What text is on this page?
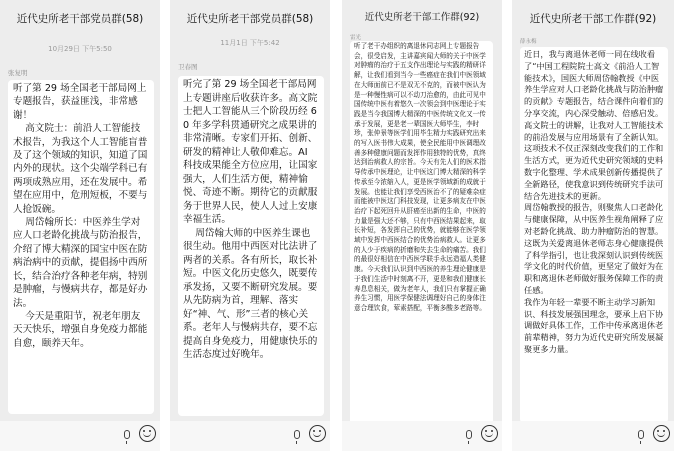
近代史所老干部党员群(58)
10月29日 下午5:50
张复明
听了第 29 场全国老干部局网上专题报告，获益匪浅，非常感谢！
高文院士：前沿人工智能技术报告，为我这个人工智能盲普及了这个领域的知识，知道了国内外的现状。这个尖端学科已有两项成熟应用，还在发展中。希望在应用中，危刑短板，不要与人抢饭碗。
周岱翰所长：中医养生学对应人口老龄化挑战与防治报告，介绍了博大精深的国宝中医在防病治病中的贡献，提倡扬中西所长，结合治疗各种老年病，特别是肿瘤，与慢病共存，都是好办法。
今天是重阳节，祝老年朋友天天快乐，增强自身免疫力都能自愈，颐养天年。
近代史所老干部党员群(58)
11月1日 下午5:42
卫春图
听完了第 29 场全国老干部局网上专题讲座后收获许多。高文院士把人工智能从三个阶段历经 60 年多学科贯通研究之成果讲的非常清晰。专家们开拓、创新、研发的精神让人敬仰难忘。AI 科技成果能全方位应用，让国家强大，人们生活方便，精神愉悦、奇迹不断。期待它的贡献服务于世界人民，使人人过上安康幸福生活。
周岱翰大师的中医养生课也很生动。他用中西医对比法讲了两者的关系。各有所长，取长补短。中医文化历史悠久，既要传承发扬，又要不断研究发展。要从先防病为首，理解、落实好“神、气、形”三者的核心关系。老年人与慢病共存，要不忘提高自身免疫力，用健康快乐的生活态度过好晚年。
近代史所老干部工作群(92)
雷光
听了老干办组织的离退休同志网上专题报告会，很受启发，主讲嘉宾闻大师的关于中医学对肿瘤的治疗于五支作出理论与实践的精研详解，让我们看到当今一些癌症在我们中医领域在大师面前已不是双无不克的，而被中医认为是一种慢性病可以不动刀治愈的，由此可见中国传统中医有着悠久一次领会到中医理论于实践是当今我国博大精深的中医传统文化又一传承于发展，更是老一辈国医大师毕生，李时珍，张仲景等医学们用毕生精力实践研究出来的写入医书伟大成果，使全民能用中医调理改善多种健康问题而发挥作用独特的优势，真终达到治病救人的宗旨。今天有先人们的医术指导传承中医理论，让中医这门博大精深的科学传承至今浓缩入人，更是医学领域新的成就于发展。也能让我们享受西医治不了的疑难杂症而能被中医这门科技发现，让更多病友在中医治疗下起死回升从肝癌至出新的生命，中医的力量是强大还不够，只有中西医结果起来，取长补短，各发挥自己的优势，就能够在医学领域中发挥中西医结合的优势治病救人。让更多的人少于疾病的折磨和失去生命的痛苦。我们的最很好相信在中西医学联手永远造福人类健康。今天我们认识到中西医的养生理论健康是于我们生活中时刻离不开，更是和我们健康长寿息息相关，做为老年人，我们只有掌握正确养生习惯，用医学保健法调理好自己的身体注意合理饮食，荤素搭配，平衡多酸多老路等。
近代史所老干部工作群(92)
薛永梅
近日，我与离退休老师一同在线收看了“中国工程院院士高文《前沿人工智能技术》，国医大师周岱翰教授《中医养生学应对人口老龄化挑战与防治肿瘤的贡献》专题报告，结合课件向着们的分享交流，内心深受触动、倍感启发。
高文院士的讲解，让我对人工智能技术的前沿发展与应用场景有了全新认知。这项技术不仅正深刻改变我们的工作和生活方式，更为近代史研究领域的史料数字化整理、学术成果创新传播提供了全新路径，使我意识到传统研究手法可结合先进技术的更新。
周岱翰教授的报告，则聚焦人口老龄化与健康保障，从中医养生视角阐释了应对老龄化挑战、助力肿瘤防治的智慧。这既为关爱离退休老师志身心健康提供了科学指引，也让我深刻认识到传统医学文化的时代价值，更坚定了做好为在职和离退休老师做好服务保障工作的责任感。
我作为年轻一辈要不断主动学习新知识、科技发展强国理念，要承上启下协调做好具体工作，工作中传承离退休老前辈精神，努力为近代史研究所发展凝聚更多力量。
